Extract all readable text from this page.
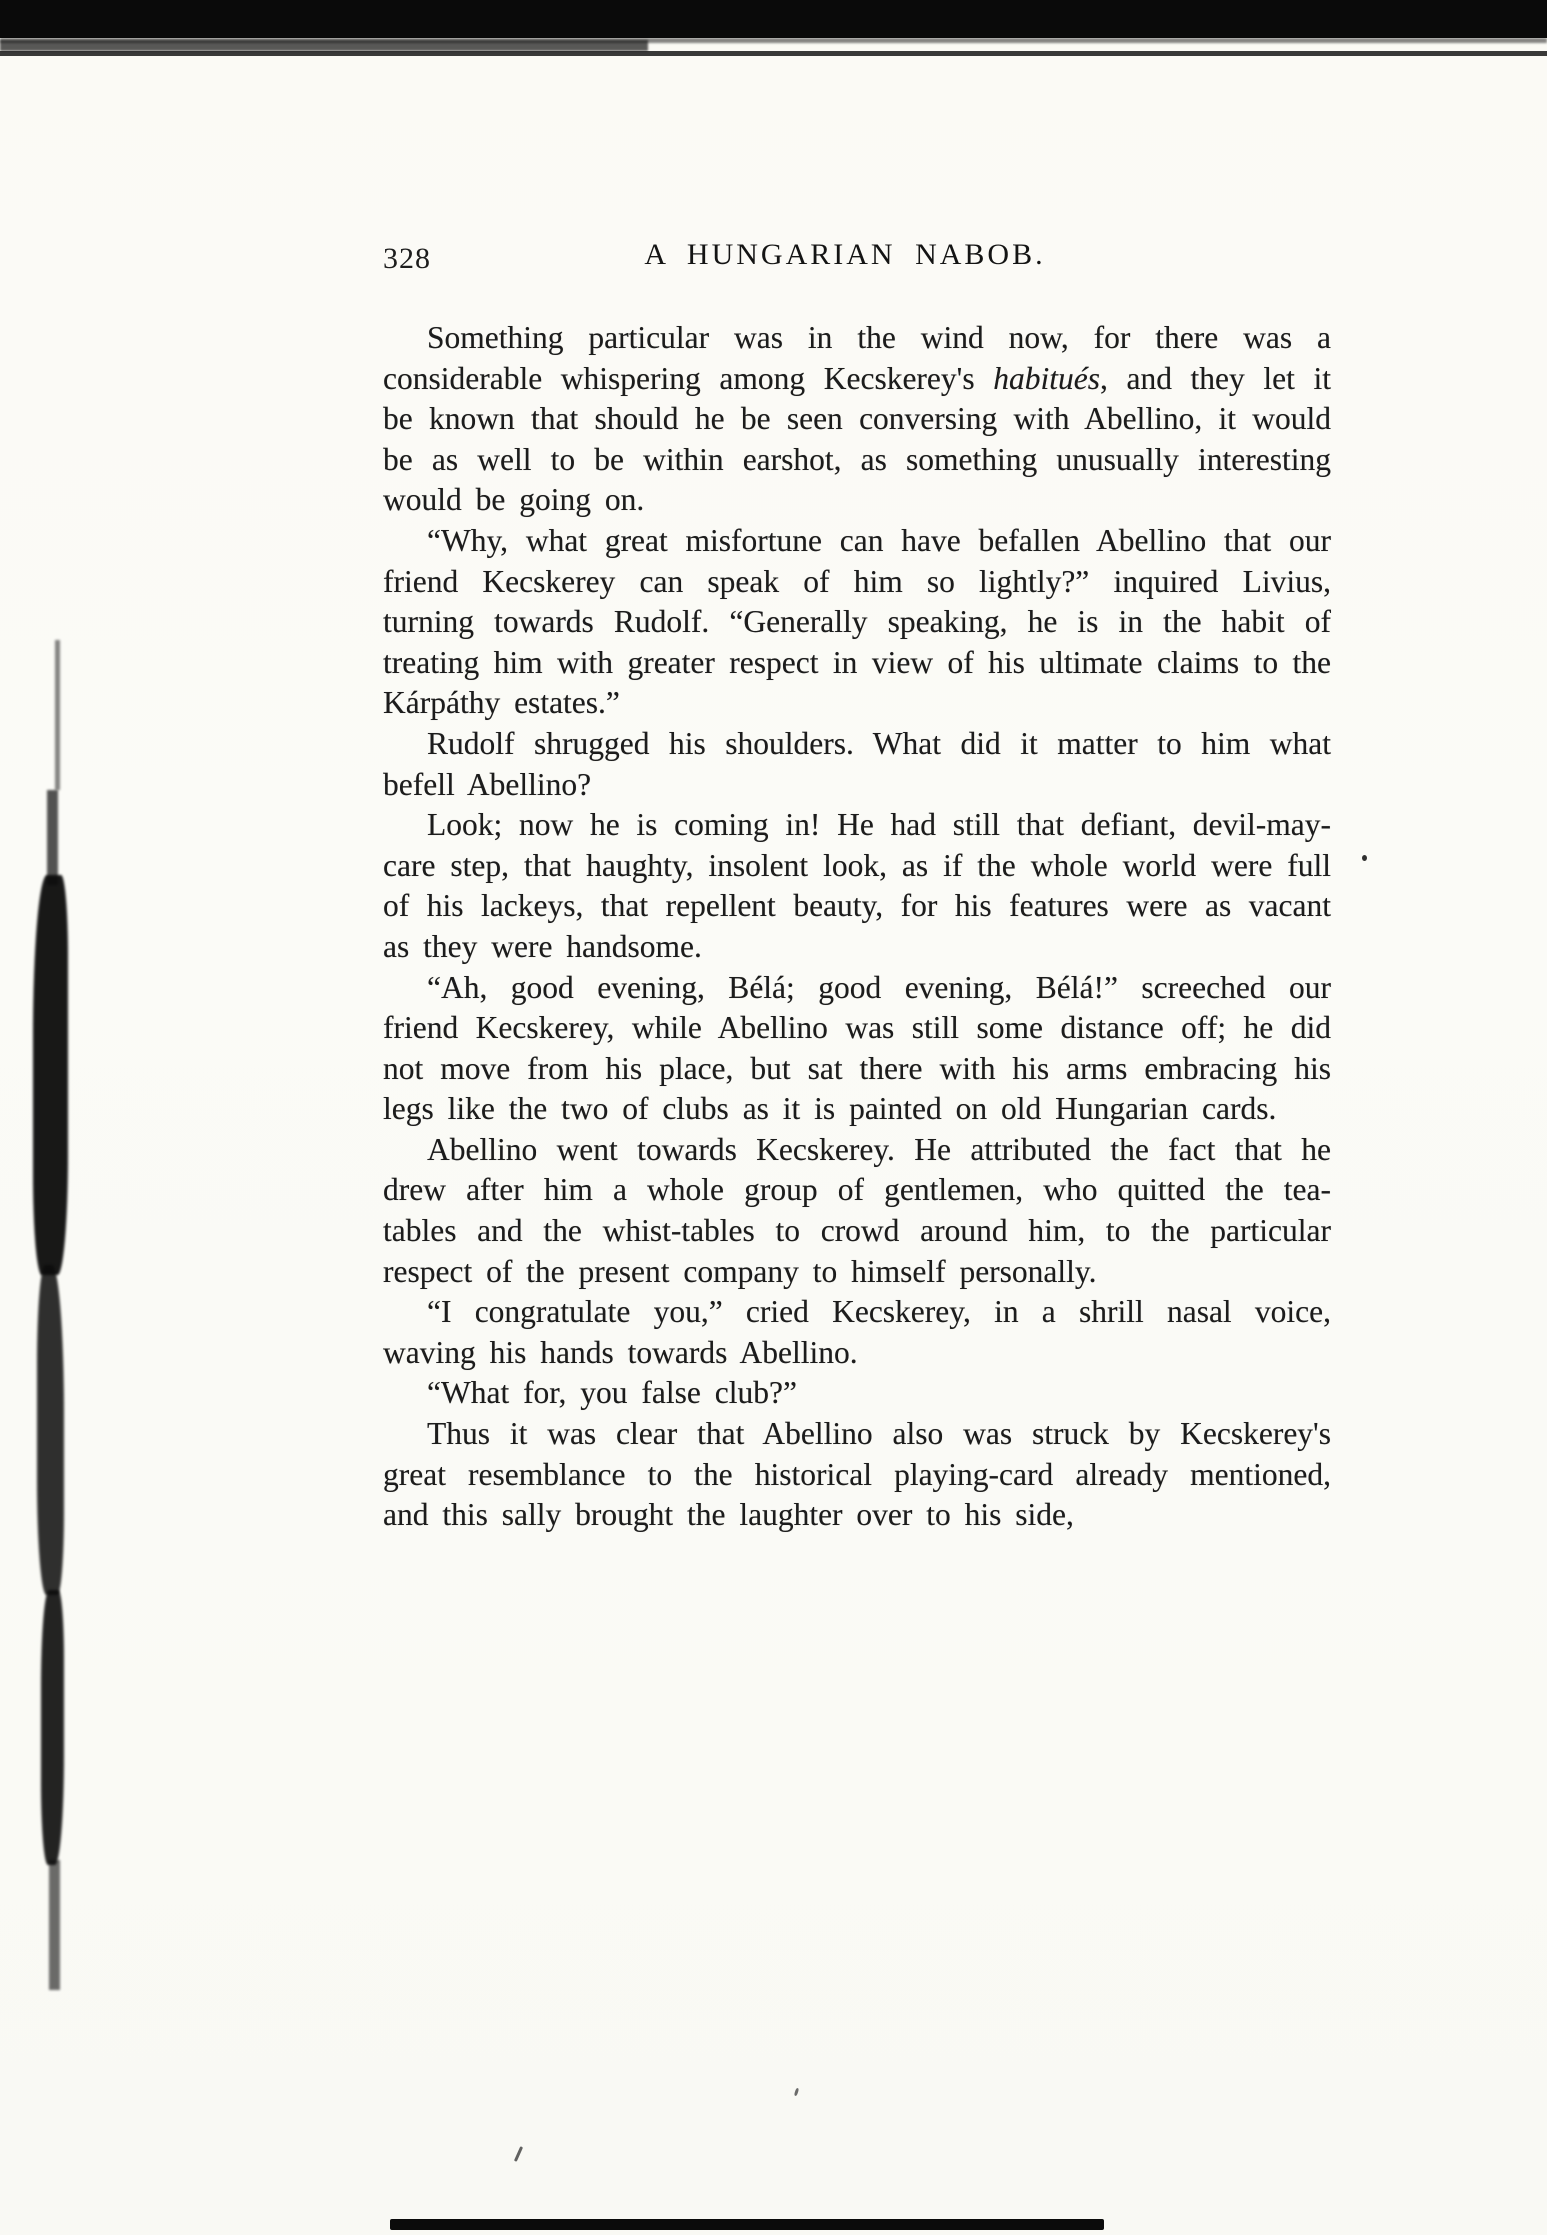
328	A HUNGARIAN NABOB.

Something particular was in the wind now, for there was a considerable whispering among Kecskerey's habitués, and they let it be known that should he be seen conversing with Abellino, it would be as well to be within earshot, as something unusually interesting would be going on.

“Why, what great misfortune can have befallen Abellino that our friend Kecskerey can speak of him so lightly?” inquired Livius, turning towards Rudolf. “Generally speaking, he is in the habit of treating him with greater respect in view of his ultimate claims to the Kárpáthy estates.”

Rudolf shrugged his shoulders. What did it matter to him what befell Abellino?

Look; now he is coming in! He had still that defiant, devil-may-care step, that haughty, insolent look, as if the whole world were full of his lackeys, that repellent beauty, for his features were as vacant as they were handsome.

“Ah, good evening, Bélá; good evening, Bélá!” screeched our friend Kecskerey, while Abellino was still some distance off; he did not move from his place, but sat there with his arms embracing his legs like the two of clubs as it is painted on old Hungarian cards.

Abellino went towards Kecskerey. He attributed the fact that he drew after him a whole group of gentlemen, who quitted the tea-tables and the whist-tables to crowd around him, to the particular respect of the present company to himself personally.

“I congratulate you,” cried Kecskerey, in a shrill nasal voice, waving his hands towards Abellino.

“What for, you false club?”

Thus it was clear that Abellino also was struck by Kecskerey's great resemblance to the historical playing-card already mentioned, and this sally brought the laughter over to his side,
